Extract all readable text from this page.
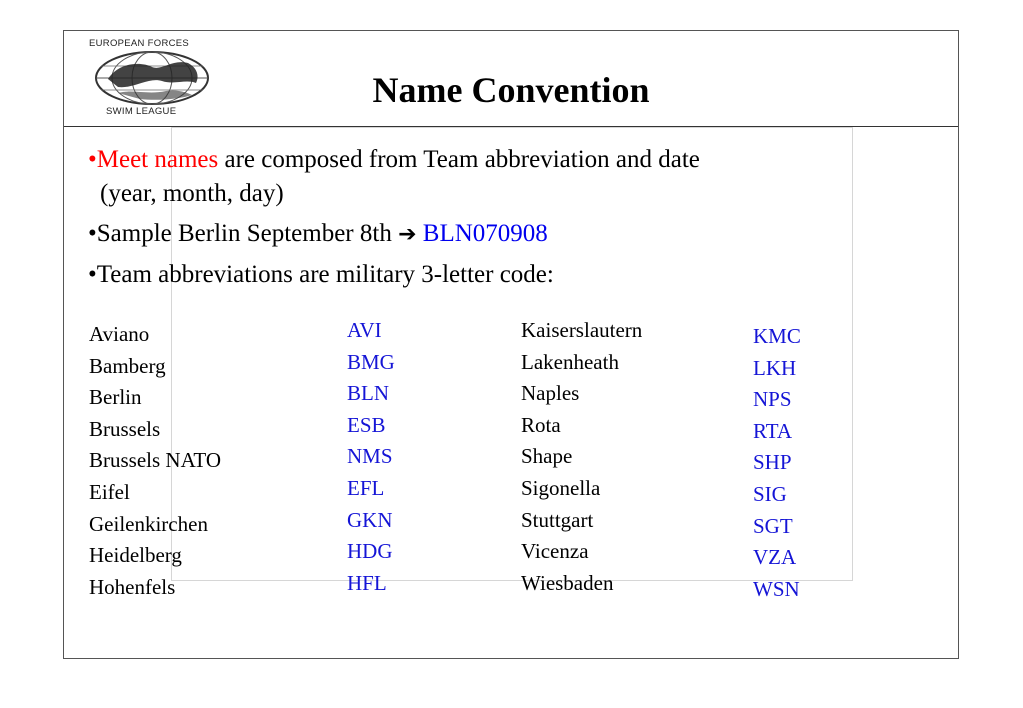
EUROPEAN FORCES
SWIM LEAGUE
Name Convention
•Meet names are composed from Team abbreviation and date
(year, month, day)
•Sample Berlin September 8th ➔ BLN070908
•Team abbreviations are military 3-letter code:
Aviano
Bamberg
Berlin
Brussels
Brussels NATO
Eifel
Geilenkirchen
Heidelberg
Hohenfels
AVI
BMG
BLN
ESB
NMS
EFL
GKN
HDG
HFL
Kaiserslautern
Lakenheath
Naples
Rota
Shape
Sigonella
Stuttgart
Vicenza
Wiesbaden
KMC
LKH
NPS
RTA
SHP
SIG
SGT
VZA
WSN
